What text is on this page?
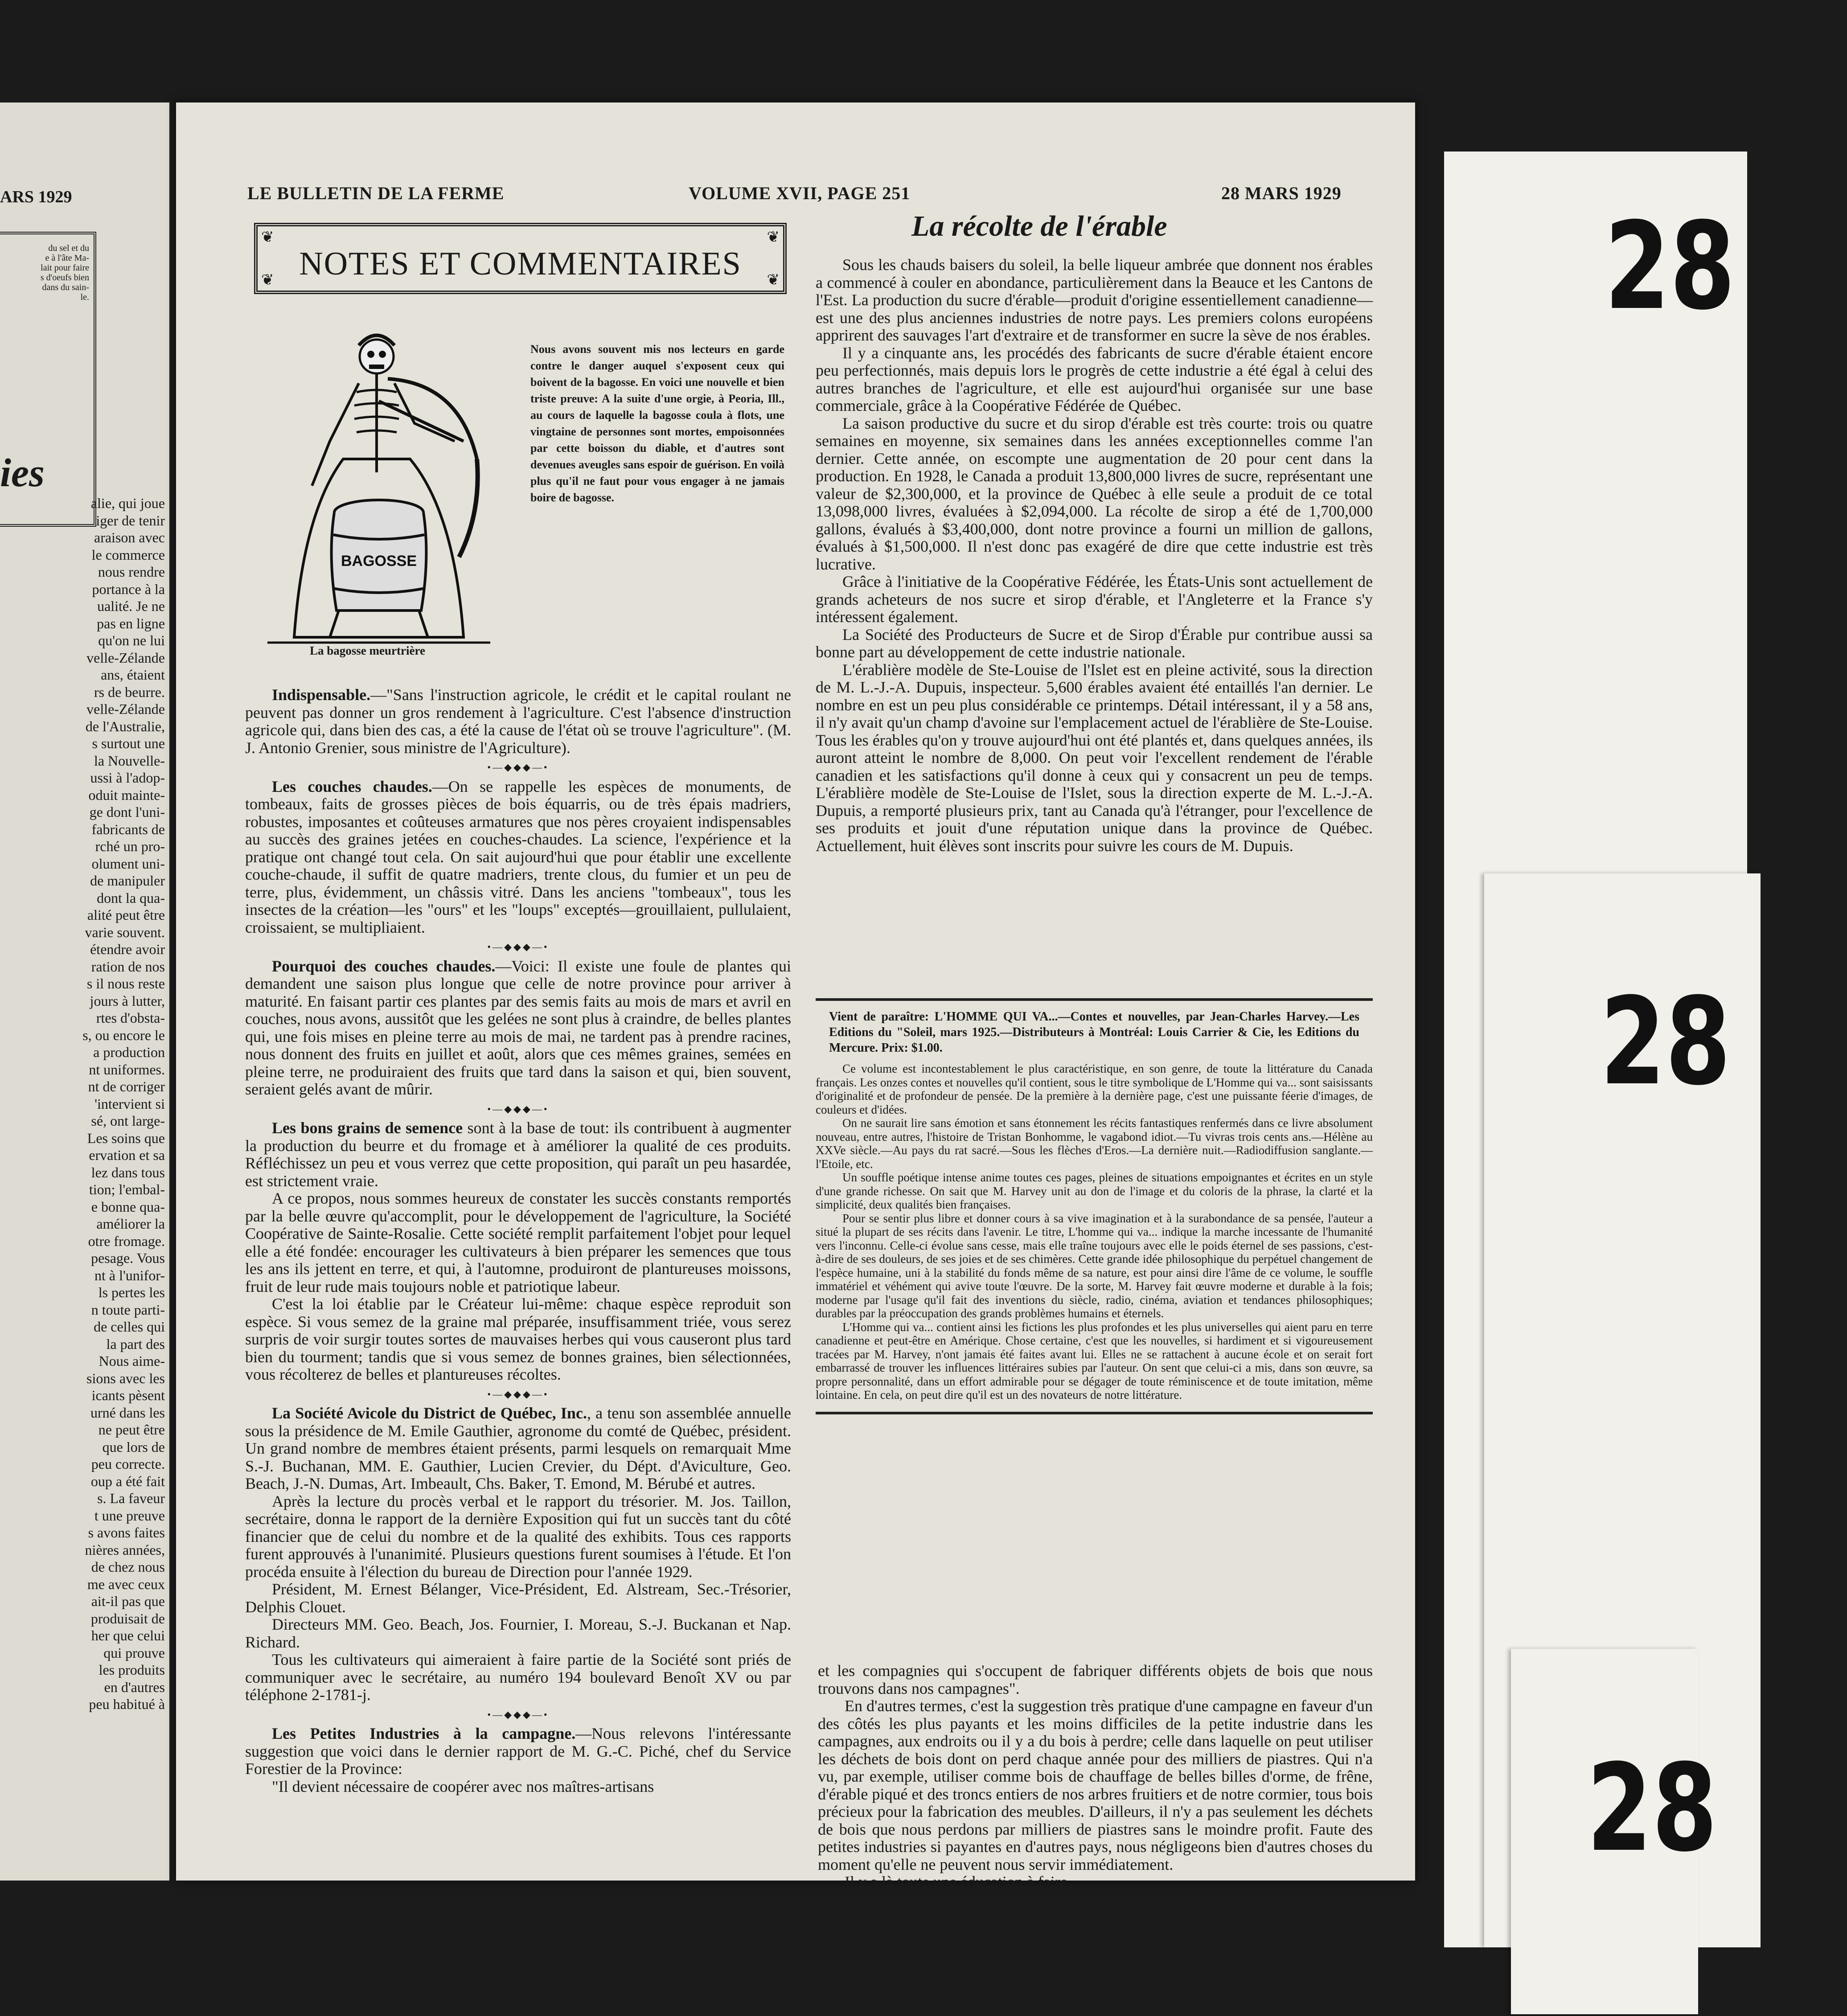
ARS 1929

du sel et du
e à l'âte Ma-
lait pour faire
s d'oeufs bien
dans du sain-
le.

ies
alie, qui joue
iger de tenir
araison avec
le commerce
nous rendre
portance à la
ualité. Je ne
pas en ligne
qu'on ne lui
velle-Zélande
ans, étaient
rs de beurre.
velle-Zélande
de l'Australie,
s surtout une
la Nouvelle-
ussi à l'adop-
oduit mainte-
ge dont l'uni-
fabricants de
rché un pro-
olument uni-
de manipuler
dont la qua-
alité peut être
varie souvent.
étendre avoir
ration de nos
s il nous reste
jours à lutter,
rtes d'obsta-
s, ou encore le
a production
nt uniformes.
nt de corriger
'intervient si
sé, ont large-
Les soins que
ervation et sa
lez dans tous
tion; l'embal-
e bonne qua-
améliorer la
otre fromage.
pesage. Vous
nt à l'unifor-
ls pertes les
n toute parti-
de celles qui
la part des
Nous aime-
sions avec les
icants pèsent
urné dans les
ne peut être
que lors de
peu correcte.
oup a été fait
s. La faveur
t une preuve
s avons faites
nières années,
de chez nous
me avec ceux
ait-il pas que
produisait de
her que celui
qui prouve
les produits
en d'autres
peu habitué à
28
28
28
LE BULLETIN DE LA FERME	VOLUME XVII, PAGE 251	28 MARS 1929
❦	❦
❦	❦
NOTES ET COMMENTAIRES
BAGOSSE
La bagosse meurtrière
Nous avons souvent mis nos lecteurs en garde contre le danger auquel s'exposent ceux qui boivent de la bagosse. En voici une nouvelle et bien triste preuve: A la suite d'une orgie, à Peoria, Ill., au cours de laquelle la bagosse coula à flots, une vingtaine de personnes sont mortes, empoisonnées par cette boisson du diable, et d'autres sont devenues aveugles sans espoir de guérison. En voilà plus qu'il ne faut pour vous engager à ne jamais boire de bagosse.

Indispensable.—"Sans l'instruction agricole, le crédit et le capital roulant ne peuvent pas donner un gros rendement à l'agriculture. C'est l'absence d'instruction agricole qui, dans bien des cas, a été la cause de l'état où se trouve l'agriculture". (M. J. Antonio Grenier, sous ministre de l'Agriculture).

•—◆◆◆—•

Les couches chaudes.—On se rappelle les espèces de monuments, de tombeaux, faits de grosses pièces de bois équarris, ou de très épais madriers, robustes, imposantes et coûteuses armatures que nos pères croyaient indispensables au succès des graines jetées en couches-chaudes. La science, l'expérience et la pratique ont changé tout cela. On sait aujourd'hui que pour établir une excellente couche-chaude, il suffit de quatre madriers, trente clous, du fumier et un peu de terre, plus, évidemment, un châssis vitré. Dans les anciens "tombeaux", tous les insectes de la création—les "ours" et les "loups" exceptés—grouillaient, pullulaient, croissaient, se multipliaient.

•—◆◆◆—•

Pourquoi des couches chaudes.—Voici: Il existe une foule de plantes qui demandent une saison plus longue que celle de notre province pour arriver à maturité. En faisant partir ces plantes par des semis faits au mois de mars et avril en couches, nous avons, aussitôt que les gelées ne sont plus à craindre, de belles plantes qui, une fois mises en pleine terre au mois de mai, ne tardent pas à prendre racines, nous donnent des fruits en juillet et août, alors que ces mêmes graines, semées en pleine terre, ne produiraient des fruits que tard dans la saison et qui, bien souvent, seraient gelés avant de mûrir.

•—◆◆◆—•

Les bons grains de semence sont à la base de tout: ils contribuent à augmenter la production du beurre et du fromage et à améliorer la qualité de ces produits. Réfléchissez un peu et vous verrez que cette proposition, qui paraît un peu hasardée, est strictement vraie.

A ce propos, nous sommes heureux de constater les succès constants remportés par la belle œuvre qu'accomplit, pour le développement de l'agriculture, la Société Coopérative de Sainte-Rosalie. Cette société remplit parfaitement l'objet pour lequel elle a été fondée: encourager les cultivateurs à bien préparer les semences que tous les ans ils jettent en terre, et qui, à l'automne, produiront de plantureuses moissons, fruit de leur rude mais toujours noble et patriotique labeur.

C'est la loi établie par le Créateur lui-même: chaque espèce reproduit son espèce. Si vous semez de la graine mal préparée, insuffisamment triée, vous serez surpris de voir surgir toutes sortes de mauvaises herbes qui vous causeront plus tard bien du tourment; tandis que si vous semez de bonnes graines, bien sélectionnées, vous récolterez de belles et plantureuses récoltes.

•—◆◆◆—•

La Société Avicole du District de Québec, Inc., a tenu son assemblée annuelle sous la présidence de M. Emile Gauthier, agronome du comté de Québec, président. Un grand nombre de membres étaient présents, parmi lesquels on remarquait Mme S.-J. Buchanan, MM. E. Gauthier, Lucien Crevier, du Dépt. d'Aviculture, Geo. Beach, J.-N. Dumas, Art. Imbeault, Chs. Baker, T. Emond, M. Bérubé et autres.

Après la lecture du procès verbal et le rapport du trésorier. M. Jos. Taillon, secrétaire, donna le rapport de la dernière Exposition qui fut un succès tant du côté financier que de celui du nombre et de la qualité des exhibits. Tous ces rapports furent approuvés à l'unanimité. Plusieurs questions furent soumises à l'étude. Et l'on procéda ensuite à l'élection du bureau de Direction pour l'année 1929.

Président, M. Ernest Bélanger, Vice-Président, Ed. Alstream, Sec.-Trésorier, Delphis Clouet.

Directeurs MM. Geo. Beach, Jos. Fournier, I. Moreau, S.-J. Buckanan et Nap. Richard.

Tous les cultivateurs qui aimeraient à faire partie de la Société sont priés de communiquer avec le secrétaire, au numéro 194 boulevard Benoît XV ou par téléphone 2-1781-j.

•—◆◆◆—•

Les Petites Industries à la campagne.—Nous relevons l'intéressante suggestion que voici dans le dernier rapport de M. G.-C. Piché, chef du Service Forestier de la Province:

"Il devient nécessaire de coopérer avec nos maîtres-artisans

La récolte de l'érable

Sous les chauds baisers du soleil, la belle liqueur ambrée que donnent nos érables a commencé à couler en abondance, particulièrement dans la Beauce et les Cantons de l'Est. La production du sucre d'érable—produit d'origine essentiellement canadienne—est une des plus anciennes industries de notre pays. Les premiers colons européens apprirent des sauvages l'art d'extraire et de transformer en sucre la sève de nos érables.

Il y a cinquante ans, les procédés des fabricants de sucre d'érable étaient encore peu perfectionnés, mais depuis lors le progrès de cette industrie a été égal à celui des autres branches de l'agriculture, et elle est aujourd'hui organisée sur une base commerciale, grâce à la Coopérative Fédérée de Québec.

La saison productive du sucre et du sirop d'érable est très courte: trois ou quatre semaines en moyenne, six semaines dans les années exceptionnelles comme l'an dernier. Cette année, on escompte une augmentation de 20 pour cent dans la production. En 1928, le Canada a produit 13,800,000 livres de sucre, représentant une valeur de $2,300,000, et la province de Québec à elle seule a produit de ce total 13,098,000 livres, évaluées à $2,094,000. La récolte de sirop a été de 1,700,000 gallons, évalués à $3,400,000, dont notre province a fourni un million de gallons, évalués à $1,500,000. Il n'est donc pas exagéré de dire que cette industrie est très lucrative.

Grâce à l'initiative de la Coopérative Fédérée, les États-Unis sont actuellement de grands acheteurs de nos sucre et sirop d'érable, et l'Angleterre et la France s'y intéressent également.

La Société des Producteurs de Sucre et de Sirop d'Érable pur contribue aussi sa bonne part au développement de cette industrie nationale.

L'érablière modèle de Ste-Louise de l'Islet est en pleine activité, sous la direction de M. L.-J.-A. Dupuis, inspecteur. 5,600 érables avaient été entaillés l'an dernier. Le nombre en est un peu plus considérable ce printemps. Détail intéressant, il y a 58 ans, il n'y avait qu'un champ d'avoine sur l'emplacement actuel de l'érablière de Ste-Louise. Tous les érables qu'on y trouve aujourd'hui ont été plantés et, dans quelques années, ils auront atteint le nombre de 8,000. On peut voir l'excellent rendement de l'érable canadien et les satisfactions qu'il donne à ceux qui y consacrent un peu de temps. L'érablière modèle de Ste-Louise de l'Islet, sous la direction experte de M. L.-J.-A. Dupuis, a remporté plusieurs prix, tant au Canada qu'à l'étranger, pour l'excellence de ses produits et jouit d'une réputation unique dans la province de Québec. Actuellement, huit élèves sont inscrits pour suivre les cours de M. Dupuis.

Vient de paraître: L'HOMME QUI VA...—Contes et nouvelles, par Jean-Charles Harvey.—Les Editions du "Soleil, mars 1925.—Distributeurs à Montréal: Louis Carrier & Cie, les Editions du Mercure. Prix: $1.00.

Ce volume est incontestablement le plus caractéristique, en son genre, de toute la littérature du Canada français. Les onzes contes et nouvelles qu'il contient, sous le titre symbolique de L'Homme qui va... sont saisissants d'originalité et de profondeur de pensée. De la première à la dernière page, c'est une puissante féerie d'images, de couleurs et d'idées.

On ne saurait lire sans émotion et sans étonnement les récits fantastiques renfermés dans ce livre absolument nouveau, entre autres, l'histoire de Tristan Bonhomme, le vagabond idiot.—Tu vivras trois cents ans.—Hélène au XXVe siècle.—Au pays du rat sacré.—Sous les flèches d'Eros.—La dernière nuit.—Radiodiffusion sanglante.—l'Etoile, etc.

Un souffle poétique intense anime toutes ces pages, pleines de situations empoignantes et écrites en un style d'une grande richesse. On sait que M. Harvey unit au don de l'image et du coloris de la phrase, la clarté et la simplicité, deux qualités bien françaises.

Pour se sentir plus libre et donner cours à sa vive imagination et à la surabondance de sa pensée, l'auteur a situé la plupart de ses récits dans l'avenir. Le titre, L'homme qui va... indique la marche incessante de l'humanité vers l'inconnu. Celle-ci évolue sans cesse, mais elle traîne toujours avec elle le poids éternel de ses passions, c'est-à-dire de ses douleurs, de ses joies et de ses chimères. Cette grande idée philosophique du perpétuel changement de l'espèce humaine, uni à la stabilité du fonds même de sa nature, est pour ainsi dire l'âme de ce volume, le souffle immatériel et véhément qui avive toute l'œuvre. De la sorte, M. Harvey fait œuvre moderne et durable à la fois; moderne par l'usage qu'il fait des inventions du siècle, radio, cinéma, aviation et tendances philosophiques; durables par la préoccupation des grands problèmes humains et éternels.

L'Homme qui va... contient ainsi les fictions les plus profondes et les plus universelles qui aient paru en terre canadienne et peut-être en Amérique. Chose certaine, c'est que les nouvelles, si hardiment et si vigoureusement tracées par M. Harvey, n'ont jamais été faites avant lui. Elles ne se rattachent à aucune école et on serait fort embarrassé de trouver les influences littéraires subies par l'auteur. On sent que celui-ci a mis, dans son œuvre, sa propre personnalité, dans un effort admirable pour se dégager de toute réminiscence et de toute imitation, même lointaine. En cela, on peut dire qu'il est un des novateurs de notre littérature.

et les compagnies qui s'occupent de fabriquer différents objets de bois que nous trouvons dans nos campagnes".

En d'autres termes, c'est la suggestion très pratique d'une campagne en faveur d'un des côtés les plus payants et les moins difficiles de la petite industrie dans les campagnes, aux endroits ou il y a du bois à perdre; celle dans laquelle on peut utiliser les déchets de bois dont on perd chaque année pour des milliers de piastres. Qui n'a vu, par exemple, utiliser comme bois de chauffage de belles billes d'orme, de frêne, d'érable piqué et des troncs entiers de nos arbres fruitiers et de notre cormier, tous bois précieux pour la fabrication des meubles. D'ailleurs, il n'y a pas seulement les déchets de bois que nous perdons par milliers de piastres sans le moindre profit. Faute des petites industries si payantes en d'autres pays, nous négligeons bien d'autres choses du moment qu'elle ne peuvent nous servir immédiatement.

Il y a là toute une éducation à faire.
